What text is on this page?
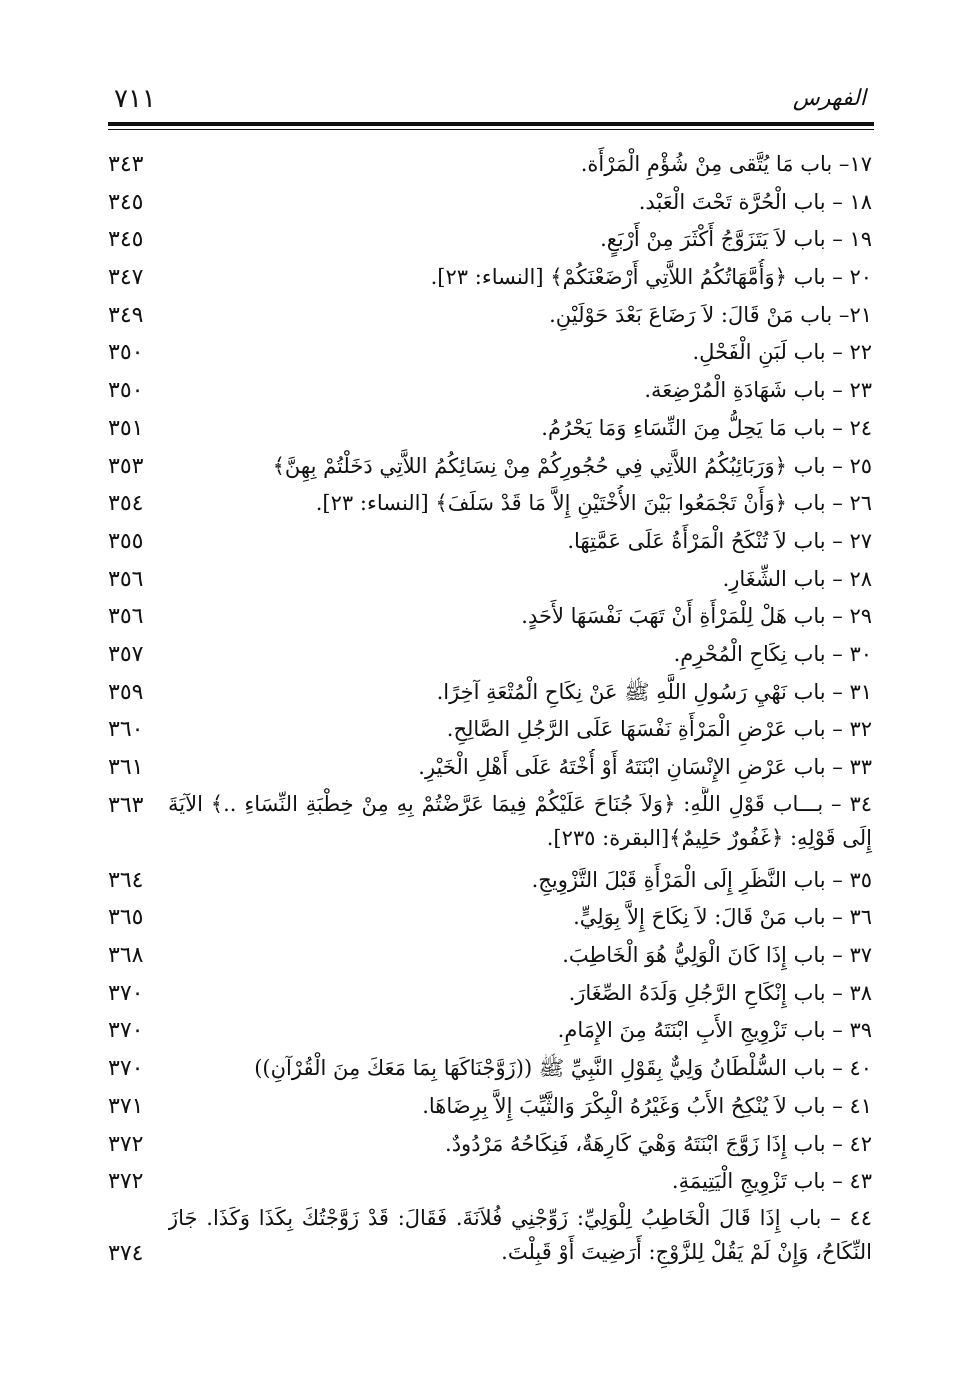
الفهرس
٧١١
١٧– باب مَا يُتَّقى مِنْ شُؤْمِ الْمَرْأَة.
٣٤٣
١٨ – باب الْحُرَّة تَحْتَ الْعَبْد.
٣٤٥
١٩ – باب لاَ يَتَزَوَّجُ أَكْثَرَ مِنْ أَرْبَعٍ.
٣٤٥
٢٠ – باب ﴿وَأُمَّهَاتُكُمُ اللاَّتِي أَرْضَعْنَكُمْ﴾ [النساء: ٢٣].
٣٤٧
٢١– باب مَنْ قَالَ: لاَ رَضَاعَ بَعْدَ حَوْلَيْنِ.
٣٤٩
٢٢ – باب لَبَنِ الْفَحْلِ.
٣٥٠
٢٣ – باب شَهَادَةِ الْمُرْضِعَة.
٣٥٠
٢٤ – باب مَا يَحِلُّ مِنَ النِّسَاءِ وَمَا يَحْرُمُ.
٣٥١
٢٥ – باب ﴿وَرَبَائِبُكُمُ اللاَّتِي فِي حُجُورِكُمْ مِنْ نِسَائِكُمُ اللاَّتِي دَخَلْتُمْ بِهِنَّ﴾
٣٥٣
٢٦ – باب ﴿وَأَنْ تَجْمَعُوا بَيْنَ الأُخْتَيْنِ إِلاَّ مَا قَدْ سَلَفَ﴾ [النساء: ٢٣].
٣٥٤
٢٧ – باب لاَ تُنْكَحُ الْمَرْأَةُ عَلَى عَمَّتِهَا.
٣٥٥
٢٨ – باب الشِّغَارِ.
٣٥٦
٢٩ – باب هَلْ لِلْمَرْأَةِ أَنْ تَهَبَ نَفْسَهَا لأَحَدٍ.
٣٥٦
٣٠ – باب نِكَاحِ الْمُحْرِمِ.
٣٥٧
٣١ – باب نَهْيِ رَسُولِ اللَّهِ ﷺ عَنْ نِكَاحِ الْمُتْعَةِ آخِرًا.
٣٥٩
٣٢ – باب عَرْضِ الْمَرْأَةِ نَفْسَهَا عَلَى الرَّجُلِ الصَّالِحِ.
٣٦٠
٣٣ – باب عَرْضِ الإِنْسَانِ ابْنَتَهُ أَوْ أُخْتَهُ عَلَى أَهْلِ الْخَيْرِ.
٣٦١
٣٤ – بـــاب قَوْلِ اللَّهِ: ﴿وَلاَ جُنَاحَ عَلَيْكُمْ فِيمَا عَرَّضْتُمْ بِهِ مِنْ خِطْبَةِ النِّسَاءِ ..﴾ الآيَةَ إِلَى قَوْلِهِ: ﴿غَفُورٌ حَلِيمٌ﴾[البقرة: ٢٣٥].
٣٦٣
٣٥ – باب النَّظَرِ إِلَى الْمَرْأَةِ قَبْلَ التَّزْوِيجِ.
٣٦٤
٣٦ – باب مَنْ قَالَ: لاَ نِكَاحَ إِلاَّ بِوَلِيٍّ.
٣٦٥
٣٧ – باب إِذَا كَانَ الْوَلِيُّ هُوَ الْخَاطِبَ.
٣٦٨
٣٨ – باب إِنْكَاحِ الرَّجُلِ وَلَدَهُ الصِّغَارَ.
٣٧٠
٣٩ – باب تَزْوِيجِ الأَبِ ابْنَتَهُ مِنَ الإِمَامِ.
٣٧٠
٤٠ – باب السُّلْطَانُ وَلِيٌّ بِقَوْلِ النَّبِيِّ ﷺ ((زَوَّجْنَاكَهَا بِمَا مَعَكَ مِنَ الْقُرْآنِ))
٣٧٠
٤١ – باب لاَ يُنْكِحُ الأَبُ وَغَيْرُهُ الْبِكْرَ وَالثَّيِّبَ إِلاَّ بِرِضَاهَا.
٣٧١
٤٢ – باب إِذَا زَوَّجَ ابْنَتَهُ وَهْيَ كَارِهَةٌ، فَنِكَاحُهُ مَرْدُودٌ.
٣٧٢
٤٣ – باب تَزْوِيجِ الْيَتِيمَةِ.
٣٧٢
٤٤ – باب إِذَا قَالَ الْخَاطِبُ لِلْوَلِيِّ: زَوِّجْنِي فُلاَنَةَ. فَقَالَ: قَدْ زَوَّجْتُكَ بِكَذَا وَكَذَا. جَازَ النِّكَاحُ، وَإِنْ لَمْ يَقُلْ لِلزَّوْجِ: أَرَضِيتَ أَوْ قَبِلْتَ.
٣٧٤
